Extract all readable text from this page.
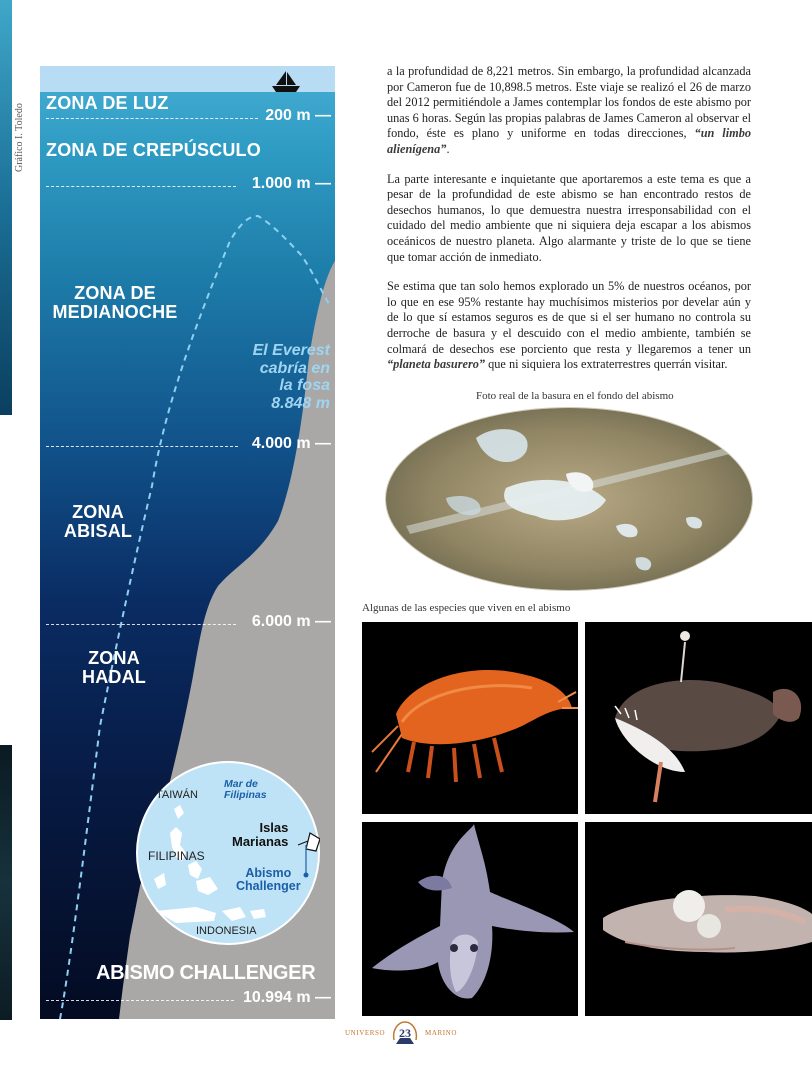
Gráfico I. Toledo
ZONA DE LUZ
200 m —
ZONA DE CREPÚSCULO
1.000 m —
ZONA DE
MEDIANOCHE
El Everest
cabría en
la fosa
8.848 m
4.000 m —
ZONA
ABISAL
6.000 m —
ZONA
HADAL
TAIWÁN
Mar de
Filipinas
Islas
Marianas
FILIPINAS
Abismo
Challenger
INDONESIA
ABISMO CHALLENGER
10.994 m —

a la profundidad de 8,221 metros. Sin embargo, la profundidad alcanzada por Cameron fue de 10,898.5 metros. Este viaje se realizó el 26 de marzo del 2012 permitiéndole a James contemplar los fondos de este abismo por unas 6 horas. Según las propias palabras de James Cameron al observar el fondo, éste es plano y uniforme en todas direcciones, “un limbo alienígena”.

La parte interesante e inquietante que aportaremos a este tema es que a pesar de la profundidad de este abismo se han encontrado restos de desechos humanos, lo que demuestra nuestra irresponsabilidad con el cuidado del medio ambiente que ni siquiera deja escapar a los abismos oceánicos de nuestro planeta. Algo alarmante y triste de lo que se tiene que tomar acción de inmediato.

Se estima que tan solo hemos explorado un 5% de nuestros océanos, por lo que en ese 95% restante hay muchísimos misterios por develar aún y de lo que sí estamos seguros es de que si el ser humano no controla su derroche de basura y el descuido con el medio ambiente, también se colmará de desechos ese porciento que resta y llegaremos a tener un “planeta basurero” que ni siquiera los extraterrestres querrán visitar.

Foto real de la basura en el fondo del abismo
Algunas de las especies que viven en el abismo
UNIVERSO	23	MARINO
